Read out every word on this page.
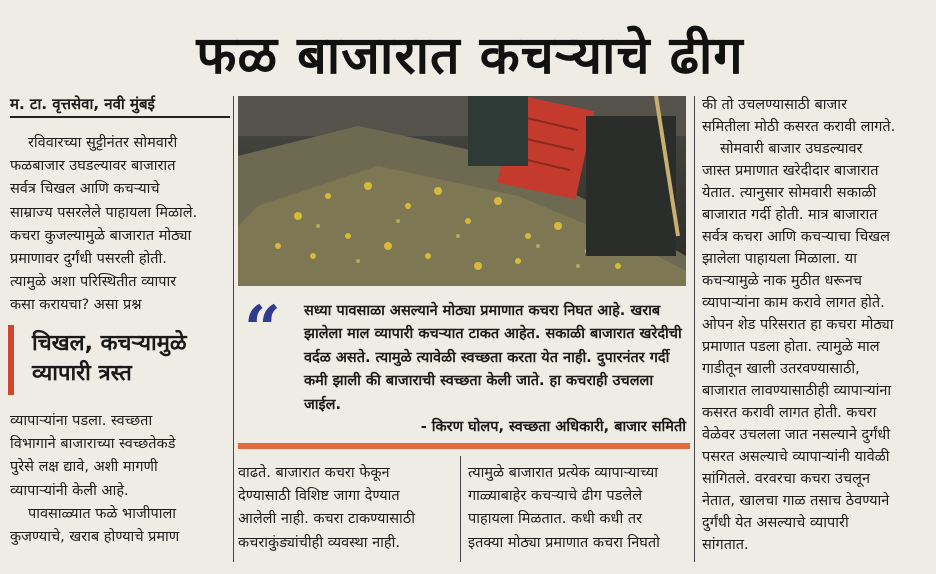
फळ बाजारात कचऱ्याचे ढीग
म. टा. वृत्तसेवा, नवी मुंबई

रविवारच्या सुट्टीनंतर सोमवारी

फळबाजार उघडल्यावर बाजारात

सर्वत्र चिखल आणि कचऱ्याचे

साम्राज्य पसरलेले पाहायला मिळाले.

कचरा कुजल्यामुळे बाजारात मोठ्या

प्रमाणावर दुर्गंधी पसरली होती.

त्यामुळे अशा परिस्थितीत व्यापार

कसा करायचा? असा प्रश्न

चिखल, कचऱ्यामुळे व्यापारी त्रस्त

व्यापाऱ्यांना पडला. स्वच्छता

विभागाने बाजाराच्या स्वच्छतेकडे

पुरेसे लक्ष द्यावे, अशी मागणी

व्यापाऱ्यांनी केली आहे.

पावसाळ्यात फळे भाजीपाला

कुजण्याचे, खराब होण्याचे प्रमाण

“ सध्या पावसाळा असल्याने मोठ्या प्रमाणात कचरा निघत आहे. खराब झालेला माल व्यापारी कचऱ्यात टाकत आहेत. सकाळी बाजारात खरेदीची वर्दळ असते. त्यामुळे त्यावेळी स्वच्छता करता येत नाही. दुपारनंतर गर्दी कमी झाली की बाजाराची स्वच्छता केली जाते. हा कचराही उचलला जाईल.
- किरण घोलप, स्वच्छता अधिकारी, बाजार समिती

वाढते. बाजारात कचरा फेकून

देण्यासाठी विशिष्ट जागा देण्यात

आलेली नाही. कचरा टाकण्यासाठी

कचराकुंड्यांचीही व्यवस्था नाही.

त्यामुळे बाजारात प्रत्येक व्यापाऱ्याच्या

गाळ्याबाहेर कचऱ्याचे ढीग पडलेले

पाहायला मिळतात. कधी कधी तर

इतक्या मोठ्या प्रमाणात कचरा निघतो

की तो उचलण्यासाठी बाजार

समितीला मोठी कसरत करावी लागते.

सोमवारी बाजार उघडल्यावर

जास्त प्रमाणात खरेदीदार बाजारात

येतात. त्यानुसार सोमवारी सकाळी

बाजारात गर्दी होती. मात्र बाजारात

सर्वत्र कचरा आणि कचऱ्याचा चिखल

झालेला पाहायला मिळाला. या

कचऱ्यामुळे नाक मुठीत धरूनच

व्यापाऱ्यांना काम करावे लागत होते.

ओपन शेड परिसरात हा कचरा मोठ्या

प्रमाणात पडला होता. त्यामुळे माल

गाडीतून खाली उतरवण्यासाठी,

बाजारात लावण्यासाठीही व्यापाऱ्यांना

कसरत करावी लागत होती. कचरा

वेळेवर उचलला जात नसल्याने दुर्गंधी

पसरत असल्याचे व्यापाऱ्यांनी यावेळी

सांगितले. वरवरचा कचरा उचलून

नेतात, खालचा गाळ तसाच ठेवण्याने

दुर्गंधी येत असल्याचे व्यापारी

सांगतात.
